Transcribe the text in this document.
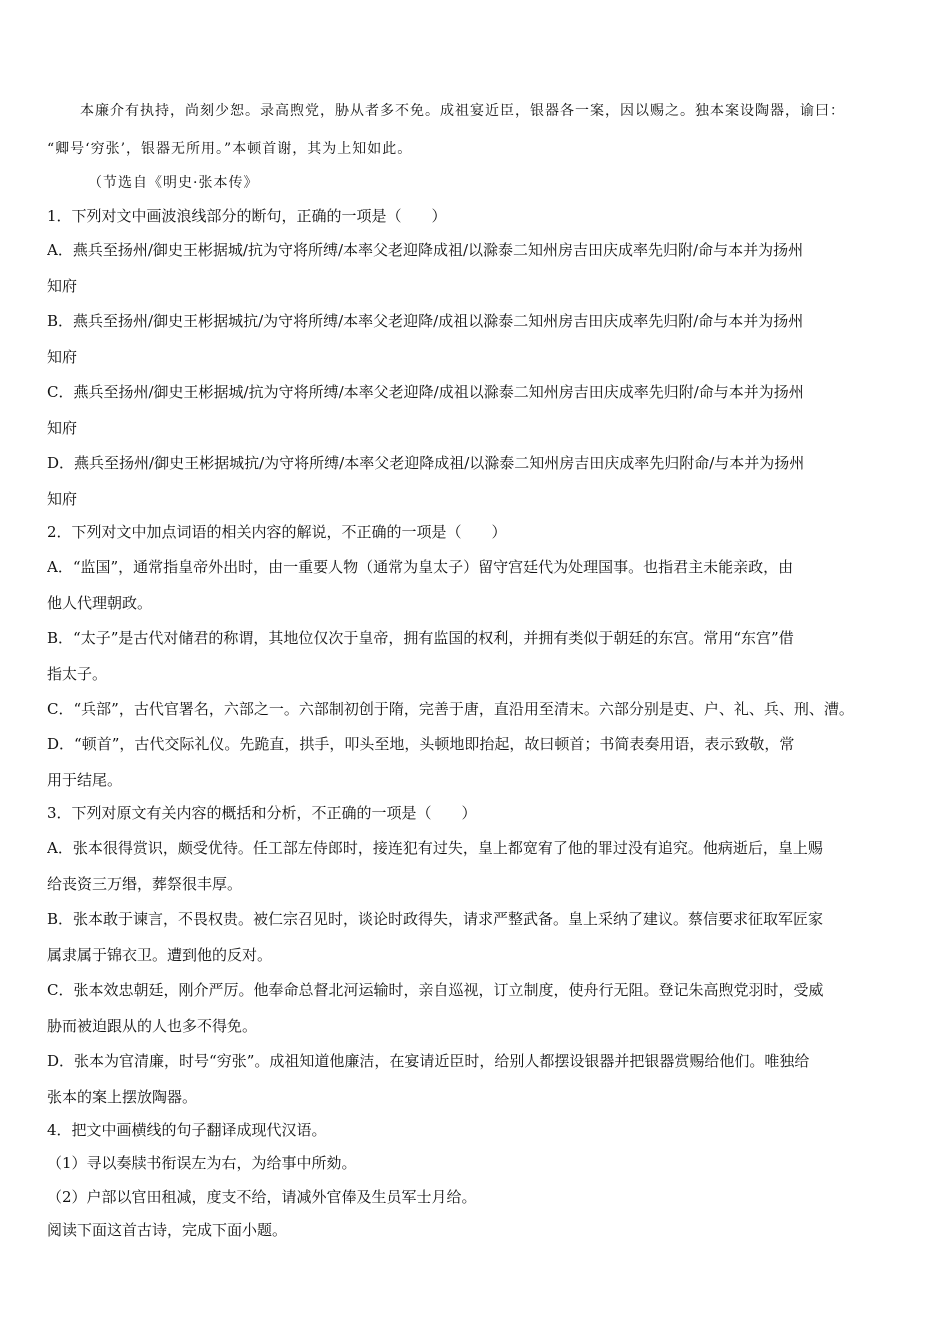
本廉介有执持，尚刻少恕。录高煦党，胁从者多不免。成祖宴近臣，银器各一案，因以赐之。独本案设陶器，谕曰：
“卿号‘穷张’，银器无所用。”本顿首谢，其为上知如此。
（节选自《明史·张本传》
1．下列对文中画波浪线部分的断句，正确的一项是（　　）
A．燕兵至扬州/御史王彬据城/抗为守将所缚/本率父老迎降成祖/以滁泰二知州房吉田庆成率先归附/命与本并为扬州
知府
B．燕兵至扬州/御史王彬据城抗/为守将所缚/本率父老迎降/成祖以滁泰二知州房吉田庆成率先归附/命与本并为扬州
知府
C．燕兵至扬州/御史王彬据城/抗为守将所缚/本率父老迎降/成祖以滁泰二知州房吉田庆成率先归附/命与本并为扬州
知府
D．燕兵至扬州/御史王彬据城抗/为守将所缚/本率父老迎降成祖/以滁泰二知州房吉田庆成率先归附命/与本并为扬州
知府
2．下列对文中加点词语的相关内容的解说，不正确的一项是（　　）
A．“监国”，通常指皇帝外出时，由一重要人物（通常为皇太子）留守宫廷代为处理国事。也指君主未能亲政，由
他人代理朝政。
B．“太子”是古代对储君的称谓，其地位仅次于皇帝，拥有监国的权利，并拥有类似于朝廷的东宫。常用“东宫”借
指太子。
C．“兵部”，古代官署名，六部之一。六部制初创于隋，完善于唐，直沿用至清末。六部分别是吏、户、礼、兵、刑、漕。
D．“顿首”，古代交际礼仪。先跪直，拱手，叩头至地，头顿地即抬起，故曰顿首；书简表奏用语，表示致敬，常
用于结尾。
3．下列对原文有关内容的概括和分析，不正确的一项是（　　）
A．张本很得赏识，颇受优待。任工部左侍郎时，接连犯有过失，皇上都宽宥了他的罪过没有追究。他病逝后，皇上赐
给丧资三万缗，葬祭很丰厚。
B．张本敢于谏言，不畏权贵。被仁宗召见时，谈论时政得失，请求严整武备。皇上采纳了建议。蔡信要求征取军匠家
属隶属于锦衣卫。遭到他的反对。
C．张本效忠朝廷，刚介严厉。他奉命总督北河运输时，亲自巡视，订立制度，使舟行无阻。登记朱高煦党羽时，受威
胁而被迫跟从的人也多不得免。
D．张本为官清廉，时号“穷张”。成祖知道他廉洁，在宴请近臣时，给别人都摆设银器并把银器赏赐给他们。唯独给
张本的案上摆放陶器。
4．把文中画横线的句子翻译成现代汉语。
（1）寻以奏牍书衔误左为右，为给事中所劾。
（2）户部以官田租减，度支不给，请减外官俸及生员军士月给。
阅读下面这首古诗，完成下面小题。
